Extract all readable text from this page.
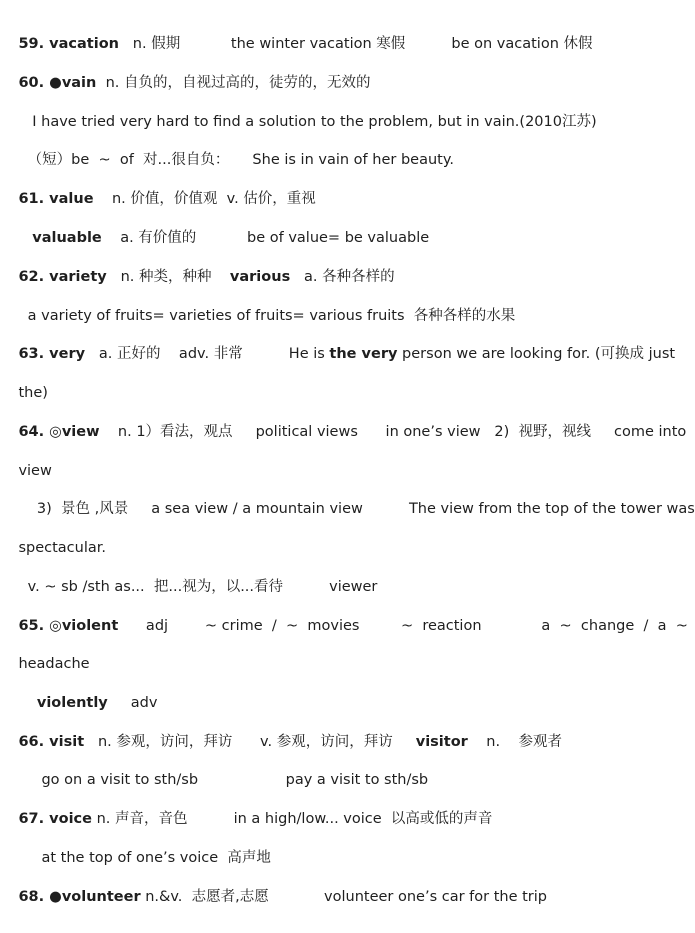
59. vacation   n. 假期           the winter vacation 寒假          be on vacation 休假

60. ●vain  n. 自负的，自视过高的，徒劳的，无效的

I have tried very hard to find a solution to the problem, but in vain.(2010江苏)

（短）be  ~  of  对...很自负：     She is in vain of her beauty.

61. value    n. 价值，价值观  v. 估价，重视

valuable    a. 有价值的           be of value= be valuable

62. variety   n. 种类，种种    various   a. 各种各样的

a variety of fruits= varieties of fruits= various fruits  各种各样的水果

63. very   a. 正好的    adv. 非常          He is the very person we are looking for. (可换成 just

the)

64. ◎view    n. 1）看法，观点     political views      in one’s view   2)  视野，视线     come into

view

3)  景色 ,风景     a sea view / a mountain view          The view from the top of the tower was

spectacular.

v. ~ sb /sth as...  把...视为，以...看待          viewer

65. ◎violent      adj        ~ crime  /  ~  movies         ~  reaction             a  ~  change  /  a  ~

headache

violently     adv

66. visit   n. 参观，访问，拜访      v. 参观，访问，拜访     visitor    n.    参观者

go on a visit to sth/sb                   pay a visit to sth/sb

67. voice n. 声音，音色          in a high/low... voice  以高或低的声音

at the top of one’s voice  高声地

68. ●volunteer n.&v.  志愿者,志愿            volunteer one’s car for the trip
